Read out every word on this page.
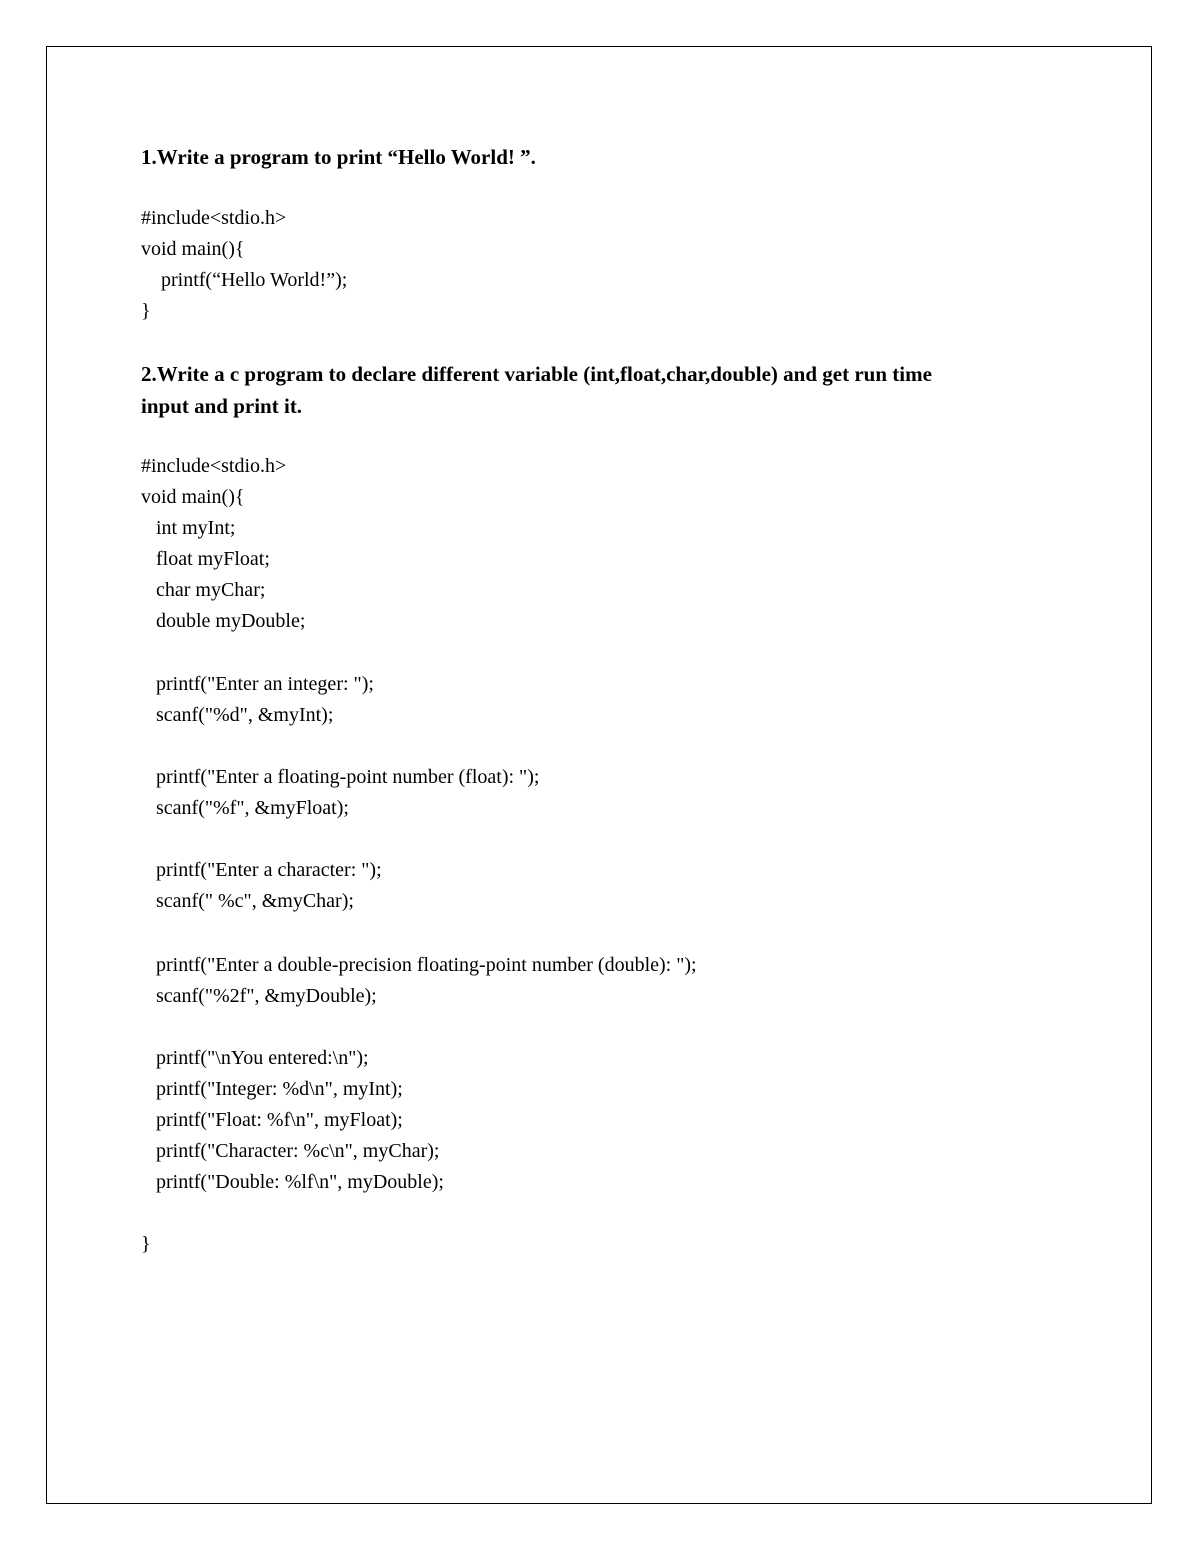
1.Write a program to print “Hello World! ”.
#include<stdio.h>
void main(){
printf(“Hello World!”);
}
2.Write a c program to declare different variable (int,float,char,double) and get run time
input and print it.
#include<stdio.h>
void main(){
int myInt;
float myFloat;
char myChar;
double myDouble;
printf("Enter an integer: ");
scanf("%d", &myInt);
printf("Enter a floating-point number (float): ");
scanf("%f", &myFloat);
printf("Enter a character: ");
scanf(" %c", &myChar);
printf("Enter a double-precision floating-point number (double): ");
scanf("%2f", &myDouble);
printf("\nYou entered:\n");
printf("Integer: %d\n", myInt);
printf("Float: %f\n", myFloat);
printf("Character: %c\n", myChar);
printf("Double: %lf\n", myDouble);
}
